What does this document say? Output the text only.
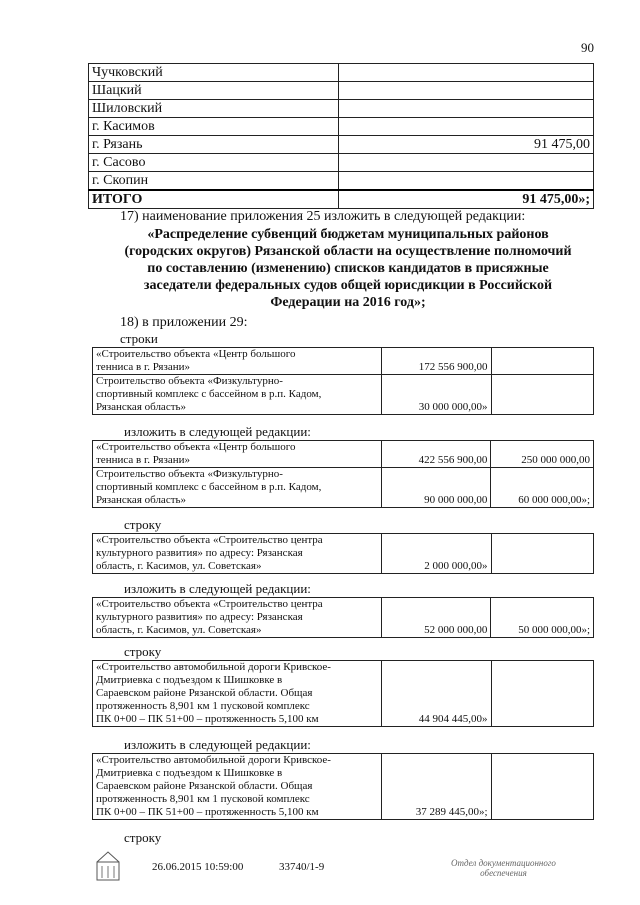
90
Чучковский	
Шацкий	
Шиловский	
г. Касимов	
г. Рязань	91 475,00
г. Сасово	
г. Скопин	
ИТОГО	91 475,00»;
17) наименование приложения 25 изложить в следующей редакции:
«Распределение субвенций бюджетам муниципальных районов
(городских округов) Рязанской области на осуществление полномочий
по составлению (изменению) списков кандидатов в присяжные
заседатели федеральных судов общей юрисдикции в Российской
Федерации на 2016 год»;
18) в приложении 29:
строки
«Строительство объекта «Центр большого
тенниса в г. Рязани»	172 556 900,00	

Строительство объекта «Физкультурно-
спортивный комплекс с бассейном в р.п. Кадом,
Рязанская область»	30 000 000,00»	
изложить в следующей редакции:
«Строительство объекта «Центр большого
тенниса в г. Рязани»	422 556 900,00	250 000 000,00

Строительство объекта «Физкультурно-
спортивный комплекс с бассейном в р.п. Кадом,
Рязанская область»	90 000 000,00	60 000 000,00»;
строку
«Строительство объекта «Строительство центра
культурного развития» по адресу: Рязанская
область, г. Касимов, ул. Советская»	2 000 000,00»	
изложить в следующей редакции:
«Строительство объекта «Строительство центра
культурного развития» по адресу: Рязанская
область, г. Касимов, ул. Советская»	52 000 000,00	50 000 000,00»;
строку
«Строительство автомобильной дороги Кривское-
Дмитриевка с подъездом к Шишковке в
Сараевском районе Рязанской области. Общая
протяженность 8,901 км 1 пусковой комплекс
ПК 0+00 – ПК 51+00 – протяженность 5,100 км	44 904 445,00»	
изложить в следующей редакции:
«Строительство автомобильной дороги Кривское-
Дмитриевка с подъездом к Шишковке в
Сараевском районе Рязанской области. Общая
протяженность 8,901 км 1 пусковой комплекс
ПК 0+00 – ПК 51+00 – протяженность 5,100 км	37 289 445,00»;	
строку
26.06.2015 10:59:00	33740/1-9	Отдел документационного
обеспечения
